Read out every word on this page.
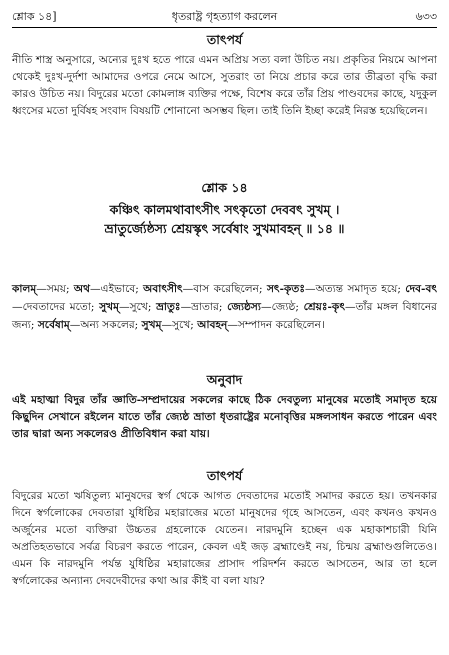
শ্লোক ১৪]	ধৃতরাষ্ট্র গৃহত্যাগ করলেন	৬৩৩

তাৎপর্য

নীতি শাস্ত্র অনুসারে, অন্যের দুঃখ হতে পারে এমন অপ্রিয় সত্য বলা উচিত নয়। প্রকৃতির নিয়মে আপনা থেকেই দুঃখ-দুর্দশা আমাদের ওপরে নেমে আসে, সুতরাং তা নিয়ে প্রচার করে তার তীব্রতা বৃদ্ধি করা কারও উচিত নয়। বিদুরের মতো কোমলাঙ্গ ব্যক্তির পক্ষে, বিশেষ করে তাঁর প্রিয় পাণ্ডবদের কাছে, যদুকুল ধ্বংসের মতো দুর্বিষহ সংবাদ বিষয়টি শোনানো অসম্ভব ছিল। তাই তিনি ইচ্ছা করেই নিরস্ত হয়েছিলেন।

শ্লোক ১৪

কঞ্চিৎ কালমথাবাৎসীৎ সৎকৃতো দেববৎ সুখম্‌ ।

ভ্রাতুর্জ্যেষ্ঠস্য শ্রেয়স্কৃৎ সর্বেষাং সুখমাবহন্‌ ॥ ১৪ ॥

কালম্‌—সময়; অথ—এইভাবে; অবাৎসীৎ—বাস করেছিলেন; সৎ-কৃতঃ—অত্যন্ত সমাদৃত হয়ে; দেব-বৎ—দেবতাদের মতো; সুখম্‌—সুখে; ভ্রাতুঃ—ভ্রাতার; জ্যেষ্ঠস্য—জ্যেষ্ঠ; শ্রেয়ঃ-কৃৎ—তাঁর মঙ্গল বিধানের জন্য; সর্বেষাম্‌—অন্য সকলের; সুখম্‌—সুখে; আবহন্‌—সম্পাদন করেছিলেন।

অনুবাদ

এই মহাত্মা বিদুর তাঁর জ্ঞাতি-সম্প্রদায়ের সকলের কাছে ঠিক দেবতুল্য মানুষের মতোই সমাদৃত হয়ে কিছুদিন সেখানে রইলেন যাতে তাঁর জ্যেষ্ঠ ভ্রাতা ধৃতরাষ্ট্রের মনোবৃত্তির মঙ্গলসাধন করতে পারেন এবং তার দ্বারা অন্য সকলেরও প্রীতিবিধান করা যায়।

তাৎপর্য

বিদুরের মতো ঋষিতুল্য মানুষদের স্বর্গ থেকে আগত দেবতাদের মতোই সমাদর করতে হয়। তখনকার দিনে স্বর্গলোকের দেবতারা যুধিষ্ঠির মহারাজের মতো মানুষদের গৃহে আসতেন, এবং কখনও কখনও অর্জুনের মতো ব্যক্তিরা উচ্চতর গ্রহলোকে যেতেন। নারদমুনি হচ্ছেন এক মহাকাশচারী যিনি অপ্রতিহতভাবে সর্বত্র বিচরণ করতে পারেন, কেবল এই জড় ব্রহ্মাণ্ডেই নয়, চিন্ময় ব্রহ্মাণ্ডগুলিতেও। এমন কি নারদমুনি পর্যন্ত যুধিষ্ঠির মহারাজের প্রাসাদ পরিদর্শন করতে আসতেন, আর তা হলে স্বর্গলোকের অন্যান্য দেবদেবীদের কথা আর কীই বা বলা যায়?
